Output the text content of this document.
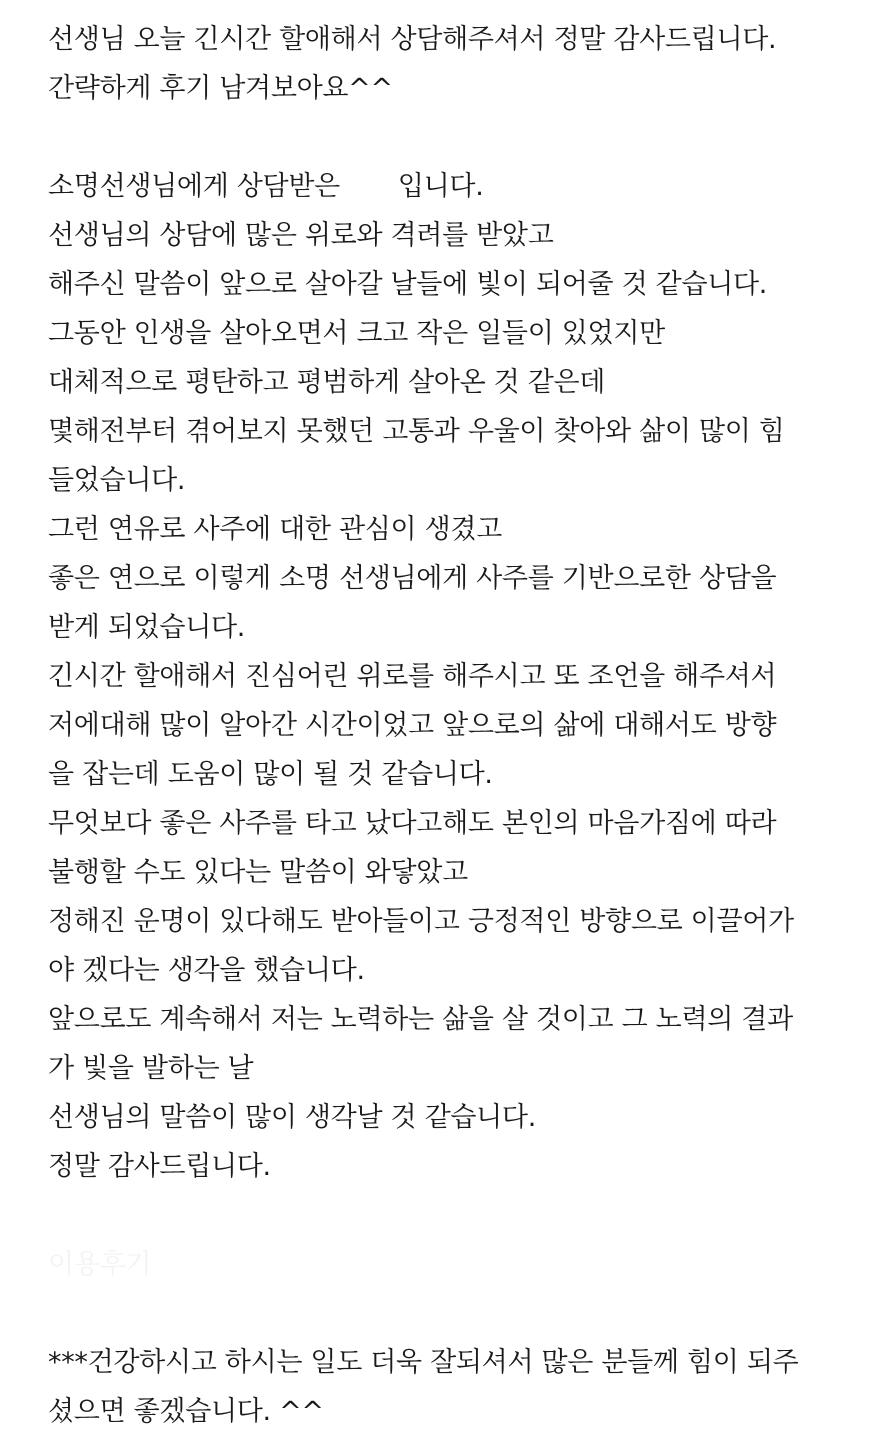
선생님 오늘 긴시간 할애해서 상담해주셔서 정말 감사드립니다.
간략하게 후기 남겨보아요^^
소명선생님에게 상담받은       입니다.
선생님의 상담에 많은 위로와 격려를 받았고
해주신 말씀이 앞으로 살아갈 날들에 빛이 되어줄 것 같습니다.
그동안 인생을 살아오면서 크고 작은 일들이 있었지만
대체적으로 평탄하고 평범하게 살아온 것 같은데
몇해전부터 겪어보지 못했던 고통과 우울이 찾아와 삶이 많이 힘
들었습니다.
그런 연유로 사주에 대한 관심이 생겼고
좋은 연으로 이렇게 소명 선생님에게 사주를 기반으로한 상담을
받게 되었습니다.
긴시간 할애해서 진심어린 위로를 해주시고 또 조언을 해주셔서
저에대해 많이 알아간 시간이었고 앞으로의 삶에 대해서도 방향
을 잡는데 도움이 많이 될 것 같습니다.
무엇보다 좋은 사주를 타고 났다고해도 본인의 마음가짐에 따라
불행할 수도 있다는 말씀이 와닿았고
정해진 운명이 있다해도 받아들이고 긍정적인 방향으로 이끌어가
야 겠다는 생각을 했습니다.
앞으로도 계속해서 저는 노력하는 삶을 살 것이고 그 노력의 결과
가 빛을 발하는 날
선생님의 말씀이 많이 생각날 것 같습니다.
정말 감사드립니다.
이용후기
***건강하시고 하시는 일도 더욱 잘되셔서 많은 분들께 힘이 되주
셨으면 좋겠습니다. ^^
